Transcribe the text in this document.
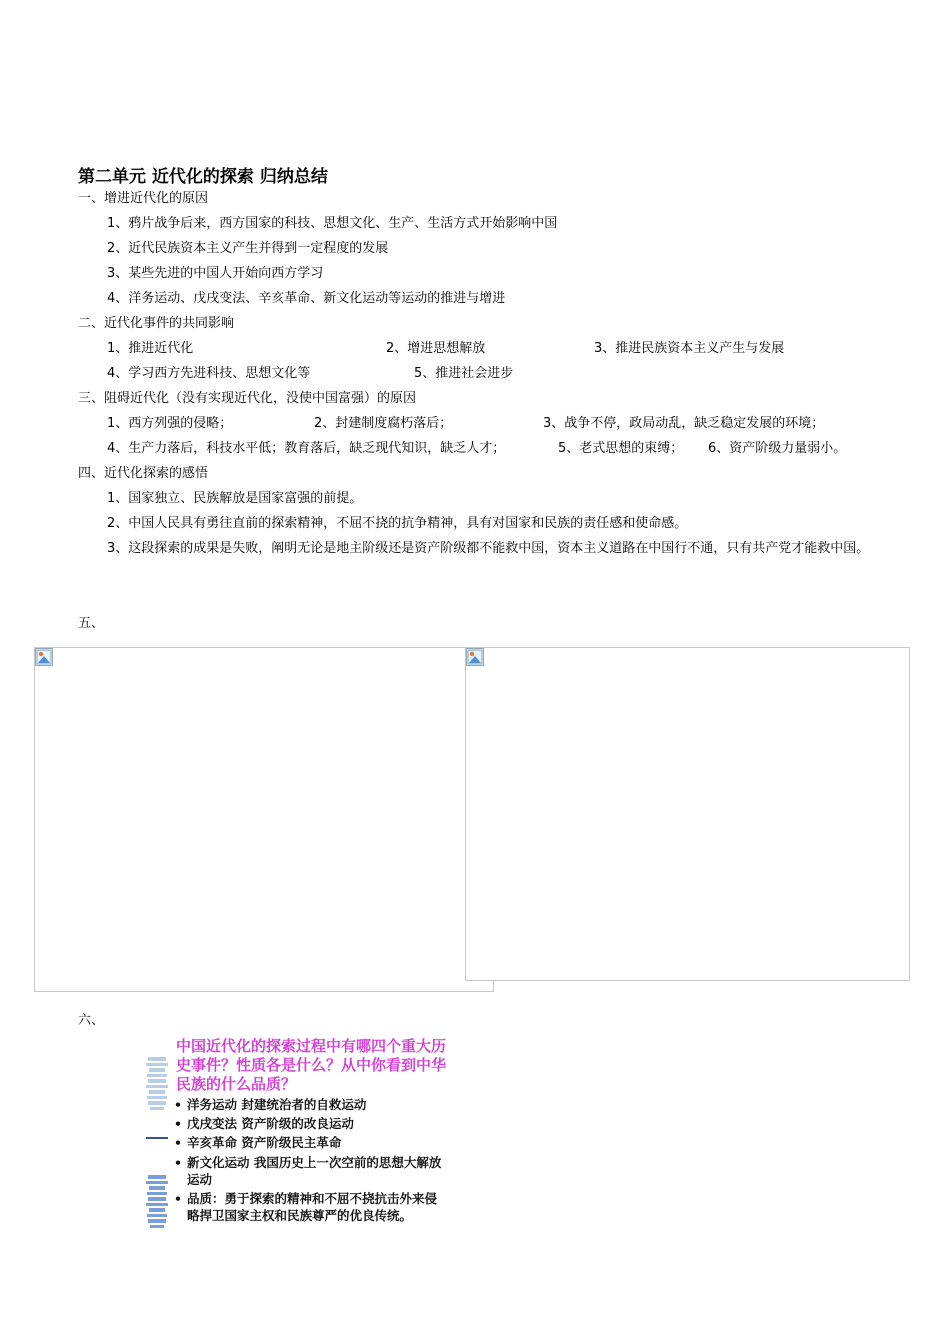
第二单元 近代化的探索 归纳总结
一、增进近代化的原因
1、鸦片战争后来，西方国家的科技、思想文化、生产、生活方式开始影响中国
2、近代民族资本主义产生并得到一定程度的发展
3、某些先进的中国人开始向西方学习
4、洋务运动、戊戌变法、辛亥革命、新文化运动等运动的推进与增进
二、近代化事件的共同影响
1、推进近代化	2、增进思想解放	3、推进民族资本主义产生与发展
4、学习西方先进科技、思想文化等	5、推进社会进步
三、阻碍近代化（没有实现近代化，没使中国富强）的原因
1、西方列强的侵略；	2、封建制度腐朽落后；	3、战争不停，政局动乱，缺乏稳定发展的环境；
4、生产力落后，科技水平低；教育落后，缺乏现代知识，缺乏人才；	5、老式思想的束缚； 6、资产阶级力量弱小。
四、近代化探索的感悟
1、国家独立、民族解放是国家富强的前提。
2、中国人民具有勇往直前的探索精神，不屈不挠的抗争精神，具有对国家和民族的责任感和使命感。
3、这段探索的成果是失败，阐明无论是地主阶级还是资产阶级都不能救中国，资本主义道路在中国行不通，只有共产党才能救中国。
五、
六、
中国近代化的探索过程中有哪四个重大历史事件？性质各是什么？从中你看到中华民族的什么品质？
• 洋务运动 封建统治者的自救运动
• 戊戌变法 资产阶级的改良运动
• 辛亥革命 资产阶级民主革命
• 新文化运动 我国历史上一次空前的思想大解放运动
• 品质：勇于探索的精神和不屈不挠抗击外来侵略捍卫国家主权和民族尊严的优良传统。
